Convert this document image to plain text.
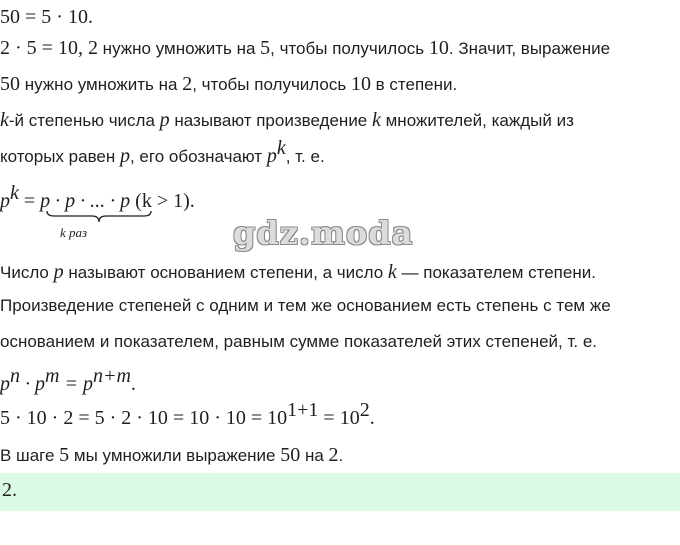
50 = 5 · 10.
2 · 5 = 10, 2 нужно умножить на 5, чтобы получилось 10. Значит, выражение
50 нужно умножить на 2, чтобы получилось 10 в степени.
k-й степенью числа p называют произведение k множителей, каждый из
которых равен p, его обозначают $p^k$, т. е.
$p^k = p \cdot p$ · ... · p (k > 1).
k раз	gdz.moda
Число p называют основанием степени, а число k — показателем степени.
Произведение степеней с одним и тем же основанием есть степень с тем же
основанием и показателем, равным сумме показателей этих степеней, т. е.
$p^n \cdot p^m = p^{n+m}$.
$5 \cdot 10 \cdot 2 = 5 \cdot 2 \cdot 10 = 10 \cdot 10 = 10^{1+1} = 10^2$.
В шаге 5 мы умножили выражение 50 на 2.
2.
